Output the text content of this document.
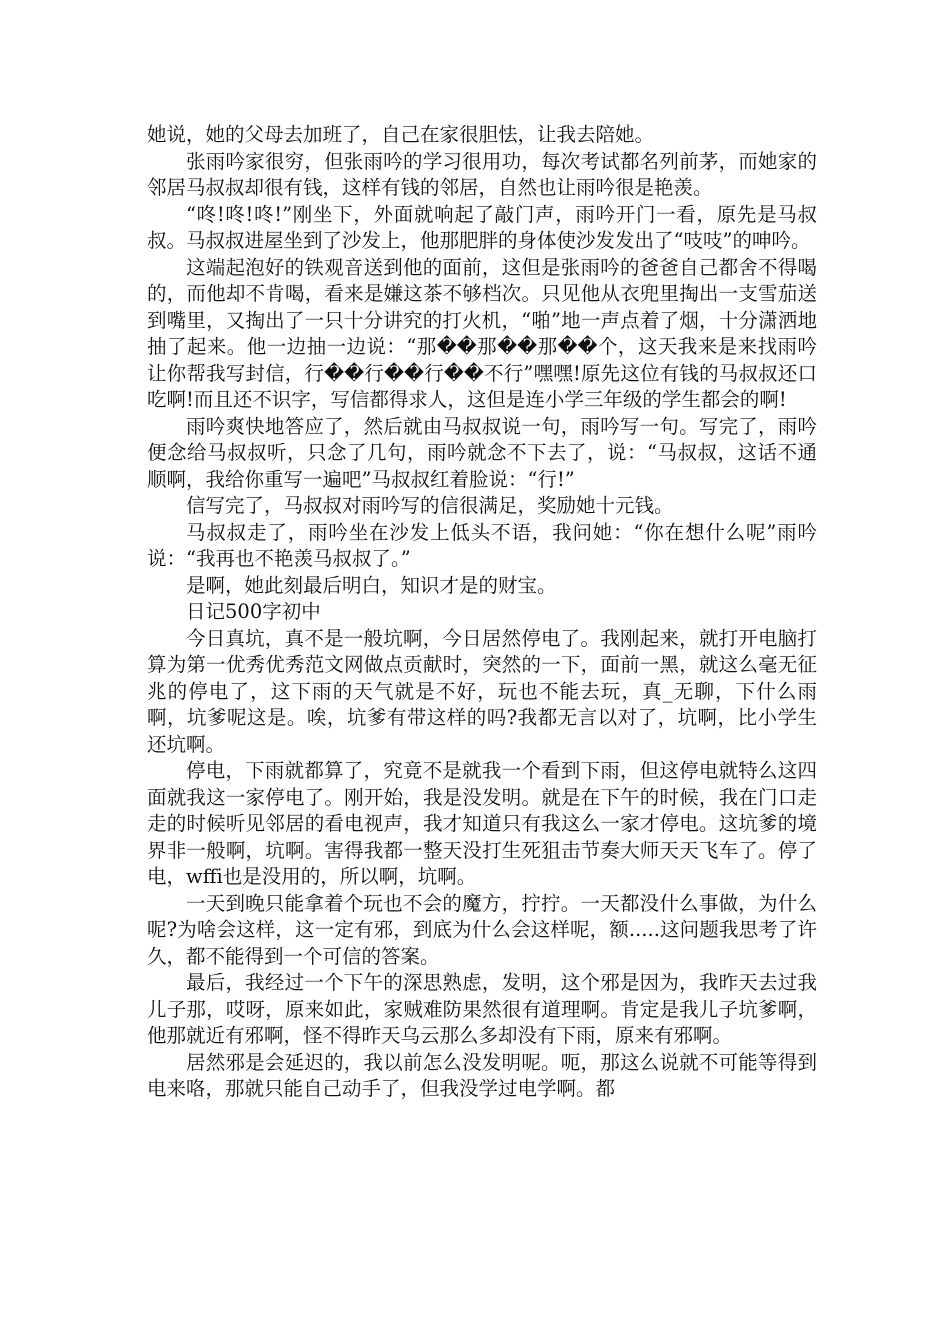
她说，她的父母去加班了，自己在家很胆怯，让我去陪她。

张雨吟家很穷，但张雨吟的学习很用功，每次考试都名列前茅，而她家的邻居马叔叔却很有钱，这样有钱的邻居，自然也让雨吟很是艳羡。

“咚!咚!咚!”刚坐下，外面就响起了敲门声，雨吟开门一看，原先是马叔叔。马叔叔进屋坐到了沙发上，他那肥胖的身体使沙发发出了“吱吱”的呻吟。

这端起泡好的铁观音送到他的面前，这但是张雨吟的爸爸自己都舍不得喝的，而他却不肯喝，看来是嫌这茶不够档次。只见他从衣兜里掏出一支雪茄送到嘴里，又掏出了一只十分讲究的打火机，“啪”地一声点着了烟，十分潇洒地抽了起来。他一边抽一边说：“那��那��那��个，这天我来是来找雨吟让你帮我写封信，行��行��行��不行”嘿嘿!原先这位有钱的马叔叔还口吃啊!而且还不识字，写信都得求人，这但是连小学三年级的学生都会的啊!

雨吟爽快地答应了，然后就由马叔叔说一句，雨吟写一句。写完了，雨吟便念给马叔叔听，只念了几句，雨吟就念不下去了，说：“马叔叔，这话不通顺啊，我给你重写一遍吧”马叔叔红着脸说：“行!”

信写完了，马叔叔对雨吟写的信很满足，奖励她十元钱。

马叔叔走了，雨吟坐在沙发上低头不语，我问她：“你在想什么呢”雨吟说：“我再也不艳羡马叔叔了。”

是啊，她此刻最后明白，知识才是的财宝。

日记500字初中

今日真坑，真不是一般坑啊，今日居然停电了。我刚起来，就打开电脑打算为第一优秀优秀范文网做点贡献时，突然的一下，面前一黑，就这么毫无征兆的停电了，这下雨的天气就是不好，玩也不能去玩，真_无聊，下什么雨啊，坑爹呢这是。唉，坑爹有带这样的吗?我都无言以对了，坑啊，比小学生还坑啊。

停电，下雨就都算了，究竟不是就我一个看到下雨，但这停电就特么这四面就我这一家停电了。刚开始，我是没发明。就是在下午的时候，我在门口走走的时候听见邻居的看电视声，我才知道只有我这么一家才停电。这坑爹的境界非一般啊，坑啊。害得我都一整天没打生死狙击节奏大师天天飞车了。停了电，wffi也是没用的，所以啊，坑啊。

一天到晚只能拿着个玩也不会的魔方，拧拧。一天都没什么事做，为什么呢?为啥会这样，这一定有邪，到底为什么会这样呢，额.....这问题我思考了许久，都不能得到一个可信的答案。

最后，我经过一个下午的深思熟虑，发明，这个邪是因为，我昨天去过我儿子那，哎呀，原来如此，家贼难防果然很有道理啊。肯定是我儿子坑爹啊，他那就近有邪啊，怪不得昨天乌云那么多却没有下雨，原来有邪啊。

居然邪是会延迟的，我以前怎么没发明呢。呃，那这么说就不可能等得到电来咯，那就只能自己动手了，但我没学过电学啊。都
